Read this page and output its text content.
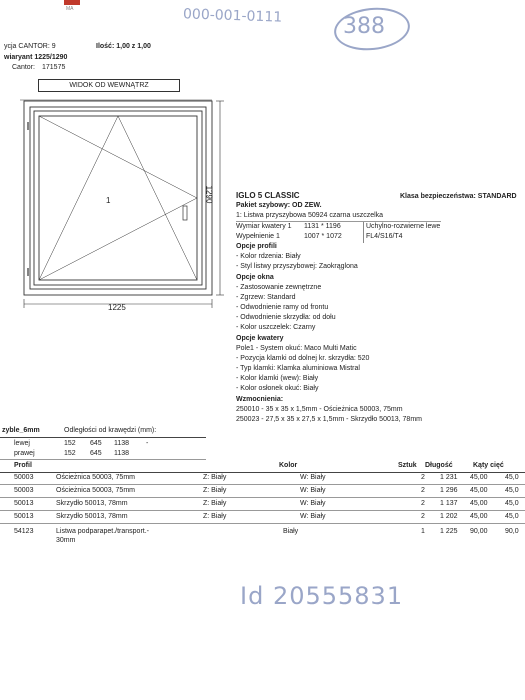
000-001-0111	388
Id 20555831
MA
ycja CANTOR: 9	Ilość: 1,00 z 1,00
wiaryant 1225/1290
Cantor: 171575
WIDOK OD WEWNĄTRZ
1
1225
1290	IGLO 5 CLASSIC	Klasa bezpieczeństwa: STANDARD
Pakiet szybowy: OD ZEW.
1: Listwa przyszybowa 50924 czarna uszczelka
Wymiar kwatery 1 1131 * 1196	Uchylno-rozwierne lewe
Wypełnienie 1	1007 * 1072	FL4/S16/T4
Opcje profili
- Kolor rdzenia: Biały
- Styl listwy przyszybowej: Zaokrąglona
Opcje okna
- Zastosowanie zewnętrzne
- Zgrzew: Standard
- Odwodnienie ramy od frontu
- Odwodnienie skrzydła: od dołu
- Kolor uszczelek: Czarny
Opcje kwatery
Pole1 - System okuć: Maco Multi Matic
- Pozycja klamki od dolnej kr. skrzydła: 520
- Typ klamki: Klamka aluminiowa Mistral
- Kolor klamki (wew): Biały
- Kolor osłonek okuć: Biały
Wzmocnienia:
250010 - 35 x 35 x 1,5mm - Ościeżnica 50003, 75mm
250023 - 27,5 x 35 x 27,5 x 1,5mm - Skrzydło 50013, 78mm
zyble_6mm	Odległości od krawędzi (mm):
lewej	152 645 1138 -
prawej	152 645 1138
Profil	Kolor	Sztuk Długość	Kąty cięć
50003	Ościeżnica 50003, 75mm	Z: Biały	W: Biały	2 1 231 45,00 45,0
50003	Ościeżnica 50003, 75mm	Z: Biały	W: Biały	2 1 296 45,00 45,0
50013	Skrzydło 50013, 78mm	Z: Biały	W: Biały	2 1 137 45,00 45,0
50013	Skrzydło 50013, 78mm	Z: Biały	W: Biały	2 1 202 45,00 45,0
54123	Listwa podparapet./transport.-
30mm
Biały	1 1 225 90,00 90,0
